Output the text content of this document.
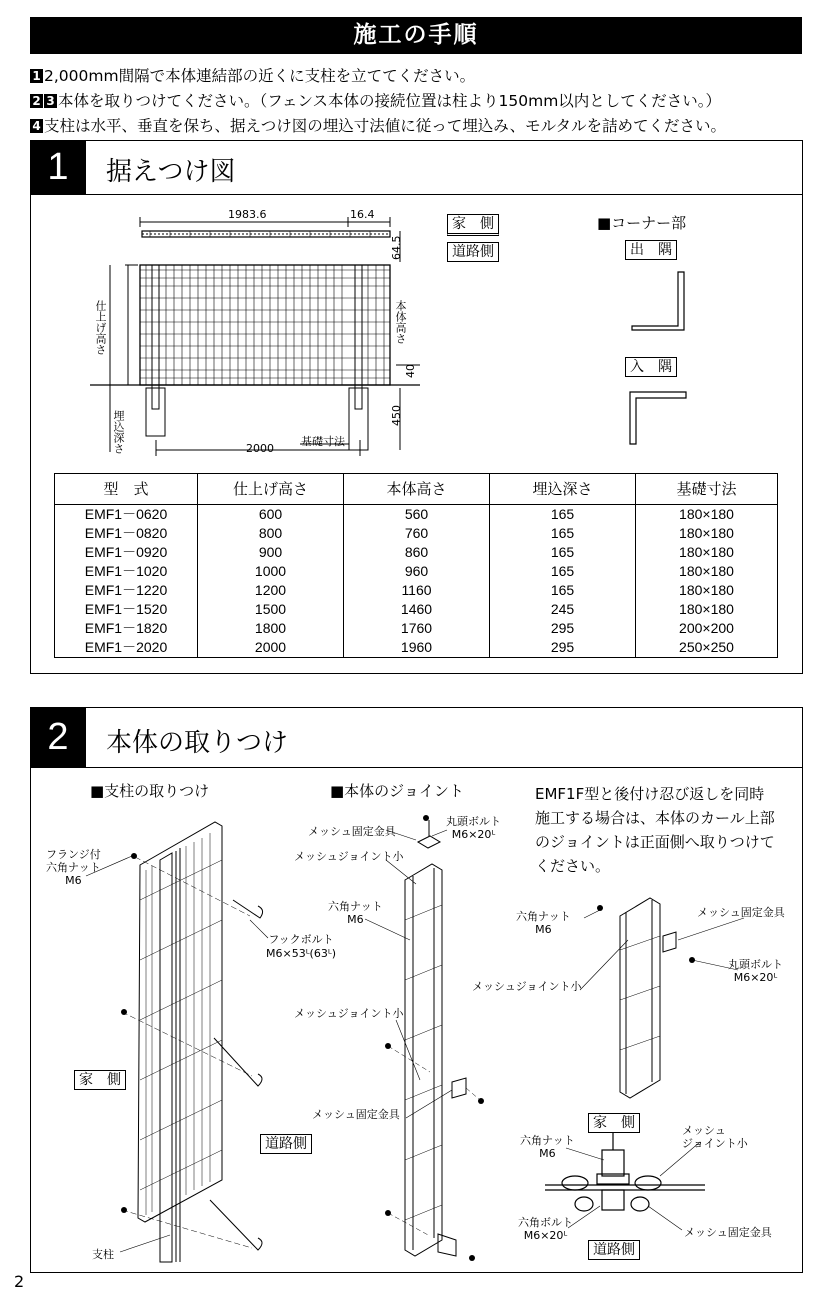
施工の手順
1 2,000mm間隔で本体連結部の近くに支柱を立ててください。
2 3 本体を取りつけてください。（フェンス本体の接続位置は柱より150mm以内としてください。）
4 支柱は水平、垂直を保ち、据えつけ図の埋込寸法値に従って埋込み、モルタルを詰めてください。
1	据えつけ図
1983.6	16.4
64.5
40
450
2000
仕上げ高さ	本体高さ
埋込深さ	基礎寸法
家　側
道路側
■コーナー部
出　隅
入　隅
型　式	仕上げ高さ	本体高さ	埋込深さ	基礎寸法
EMF1－0620	600	560	165	180×180
EMF1－0820	800	760	165	180×180
EMF1－0920	900	860	165	180×180
EMF1－1020	1000	960	165	180×180
EMF1－1220	1200	1160	165	180×180
EMF1－1520	1500	1460	245	180×180
EMF1－1820	1800	1760	295	200×200
EMF1－2020	2000	1960	295	250×250
2	本体の取りつけ
■支柱の取りつけ	■本体のジョイント	EMF1F型と後付け忍び返しを同時
施工する場合は、本体のカール上部
のジョイントは正面側へ取りつけて
ください。
フランジ付
六角ナット
M6
フックボルト
M6×53ᴸ(63ᴸ)
家　側
道路側
支柱
メッシュ固定金具
丸頭ボルト
M6×20ᴸ
メッシュジョイント小
六角ナット
M6
メッシュジョイント小
メッシュ固定金具
六角ナット
M6
メッシュ固定金具
丸頭ボルト
M6×20ᴸ
メッシュジョイント小
家　側
六角ナット
M6
メッシュ
ジョイント小
六角ボルト
M6×20ᴸ	メッシュ固定金具
道路側
2
